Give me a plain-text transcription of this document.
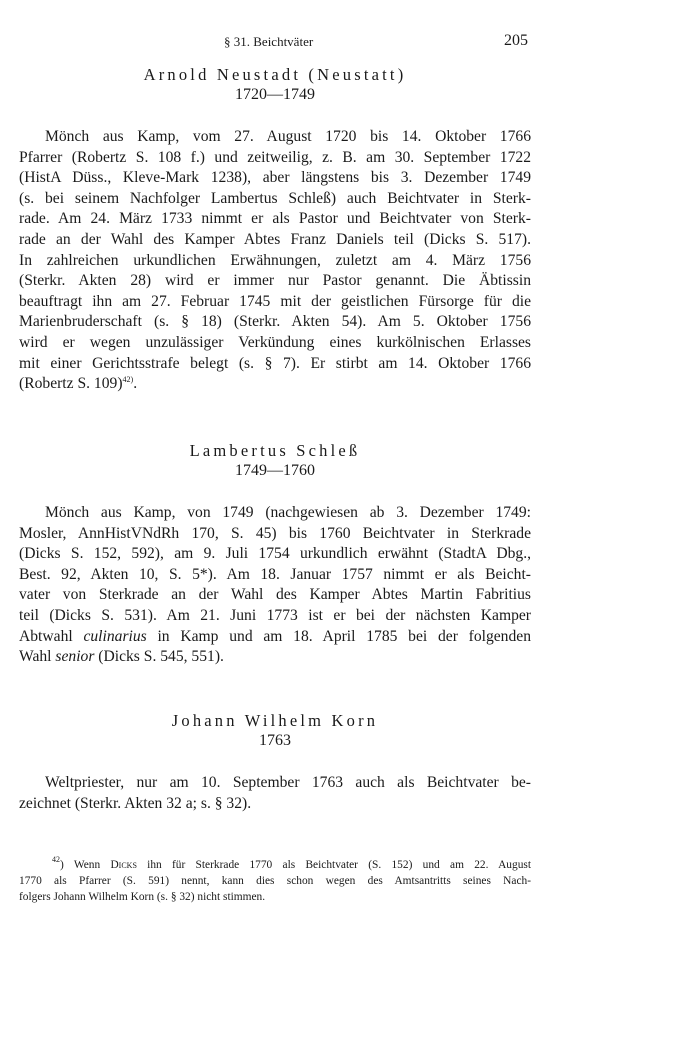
§ 31. Beichtväter	205
Arnold Neustadt (Neustatt)
1720—1749
Mönch aus Kamp, vom 27. August 1720 bis 14. Oktober 1766
Pfarrer (Robertz S. 108 f.) und zeitweilig, z. B. am 30. September 1722
(HistA Düss., Kleve-Mark 1238), aber längstens bis 3. Dezember 1749
(s. bei seinem Nachfolger Lambertus Schleß) auch Beichtvater in Sterk-
rade. Am 24. März 1733 nimmt er als Pastor und Beichtvater von Sterk-
rade an der Wahl des Kamper Abtes Franz Daniels teil (Dicks S. 517).
In zahlreichen urkundlichen Erwähnungen, zuletzt am 4. März 1756
(Sterkr. Akten 28) wird er immer nur Pastor genannt. Die Äbtissin
beauftragt ihn am 27. Februar 1745 mit der geistlichen Fürsorge für die
Marienbruderschaft (s. § 18) (Sterkr. Akten 54). Am 5. Oktober 1756
wird er wegen unzulässiger Verkündung eines kurkölnischen Erlasses
mit einer Gerichtsstrafe belegt (s. § 7). Er stirbt am 14. Oktober 1766
(Robertz S. 109)$^{42)}$.
Lambertus Schleß
1749—1760
Mönch aus Kamp, von 1749 (nachgewiesen ab 3. Dezember 1749:
Mosler, AnnHistVNdRh 170, S. 45) bis 1760 Beichtvater in Sterkrade
(Dicks S. 152, 592), am 9. Juli 1754 urkundlich erwähnt (StadtA Dbg.,
Best. 92, Akten 10, S. 5*). Am 18. Januar 1757 nimmt er als Beicht-
vater von Sterkrade an der Wahl des Kamper Abtes Martin Fabritius
teil (Dicks S. 531). Am 21. Juni 1773 ist er bei der nächsten Kamper
Abtwahl culinarius in Kamp und am 18. April 1785 bei der folgenden
Wahl senior (Dicks S. 545, 551).
Johann Wilhelm Korn
1763
Weltpriester, nur am 10. September 1763 auch als Beichtvater be-
zeichnet (Sterkr. Akten 32 a; s. § 32).
$^{42}$) Wenn Dicks ihn für Sterkrade 1770 als Beichtvater (S. 152) und am 22. August
1770 als Pfarrer (S. 591) nennt, kann dies schon wegen des Amtsantritts seines Nach-
folgers Johann Wilhelm Korn (s. § 32) nicht stimmen.
